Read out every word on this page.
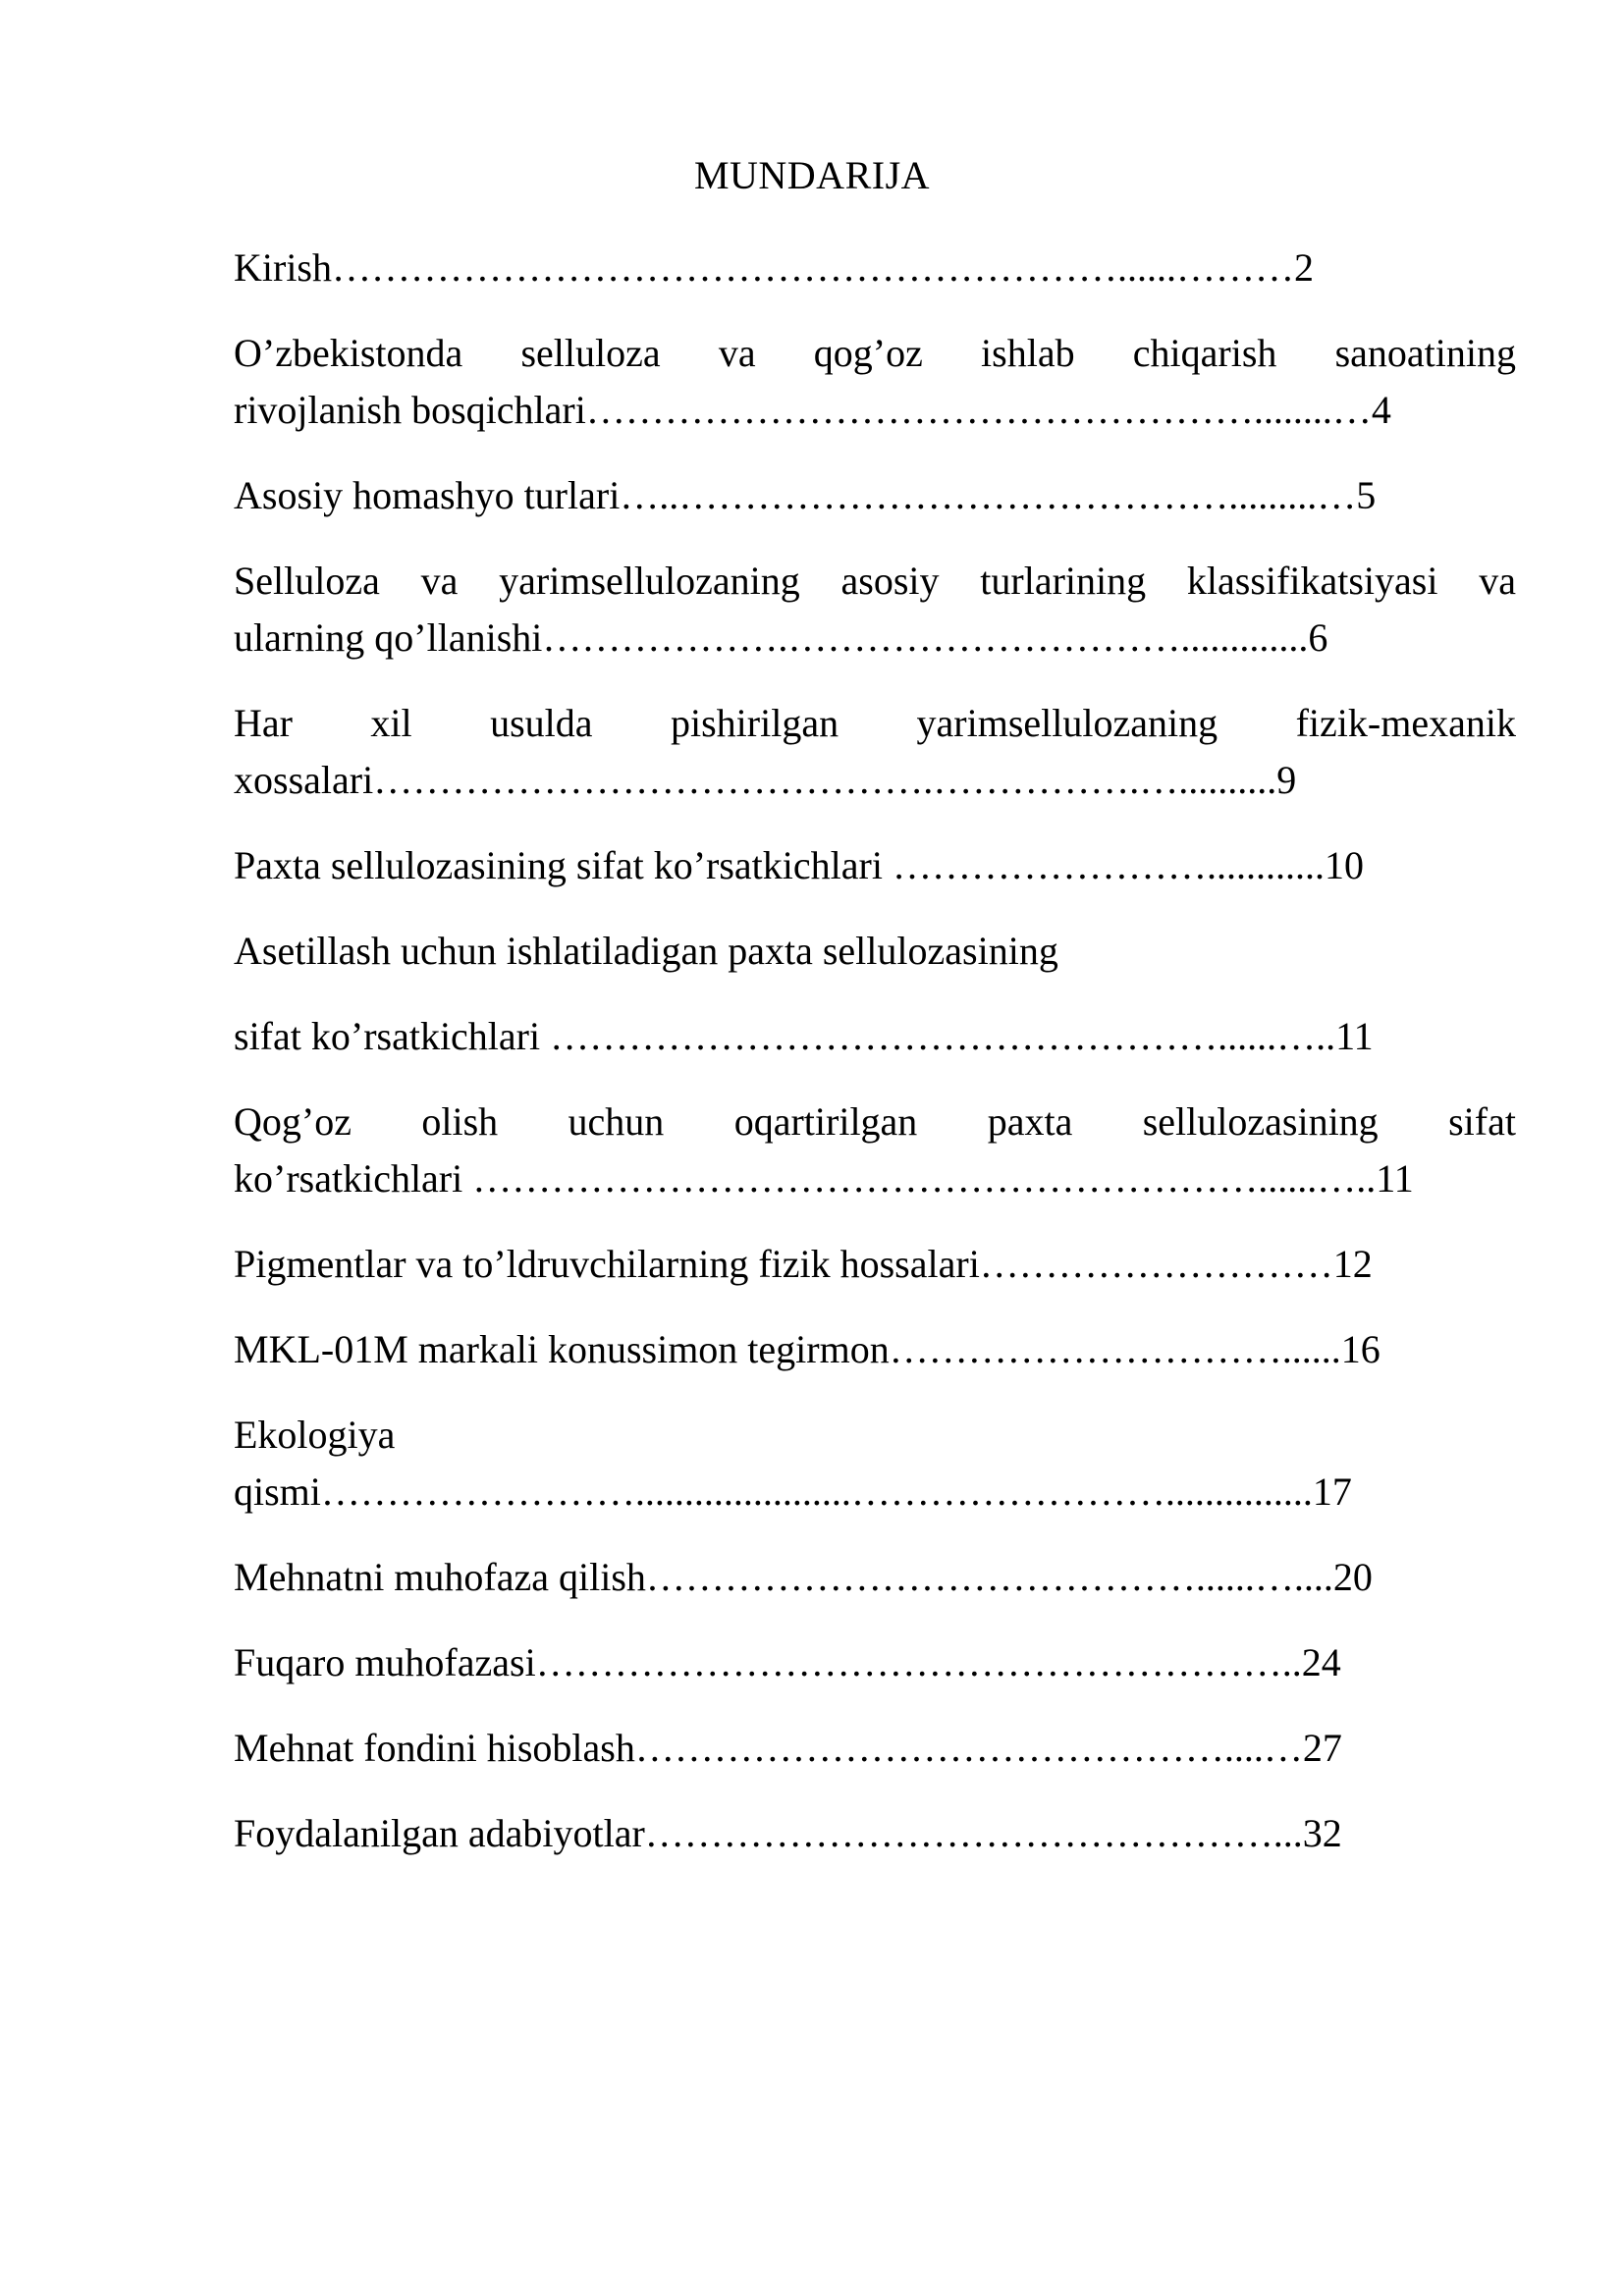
MUNDARIJA
Kirish……………………………………………………......………2
O’zbekistonda selluloza va qog’oz ishlab chiqarish sanoatining
rivojlanish bosqichlari……………………………………………........…4
Asosiy homashyo turlari…..…………………………………….........…5
Selluloza va yarimsellulozaning asosiy turlarining klassifikatsiyasi va
ularning qo’llanishi……………….………………………….............6
Har xil usulda pishirilgan yarimsellulozaning fizik-mexanik
xossalari…………………………………….…………….…..........9
Paxta sellulozasining sifat ko’rsatkichlari ……………………............10
Asetillash uchun ishlatiladigan paxta sellulozasining
sifat ko’rsatkichlari ……………………………………………......…..11
Qog’oz olish uchun oqartirilgan paxta sellulozasining sifat
ko’rsatkichlari ……………………………………………………......…..11
Pigmentlar va to’ldruvchilarning fizik hossalari………………………12
MKL-01M markali konussimon tegirmon…………………………......16
Ekologiya
qismi……………………......................……………………...............17
Mehnatni muhofaza qilish……………………………………......…....20
Fuqaro muhofazasi…………………………………………………..24
Mehnat fondini hisoblash………………………………………....…27
Foydalanilgan adabiyotlar…………………………………………...32
